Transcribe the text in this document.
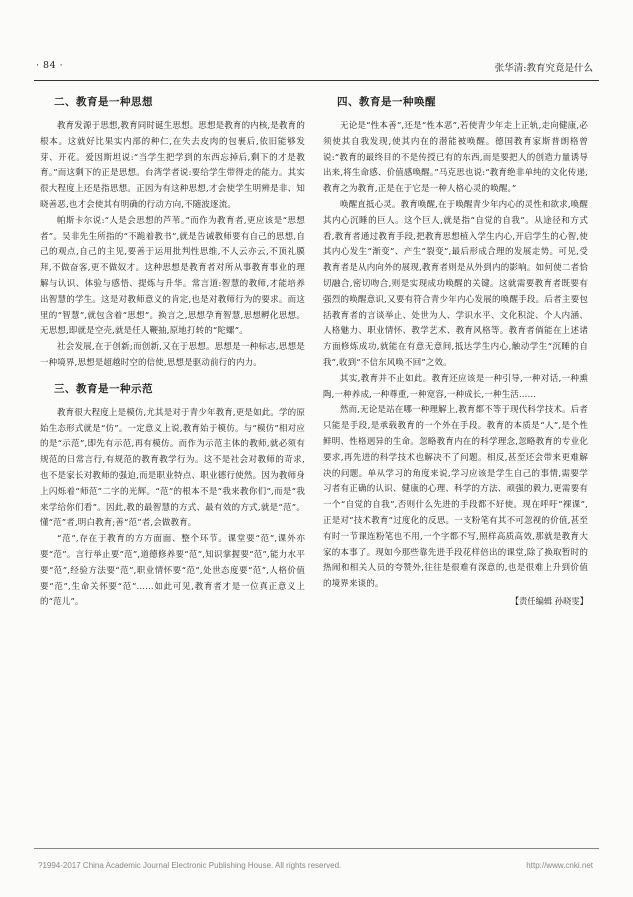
· 84 ·	张华清:教育究竟是什么
二、教育是一种思想

教育发源于思想,教育同时诞生思想。思想是教育的内核,是教育的根本。这就好比果实内部的种仁,在失去皮肉的包裹后,依旧能够发芽、开花。爱因斯坦说:“当学生把学到的东西忘掉后,剩下的才是教育。”而这剩下的正是思想。台湾学者说:要给学生带得走的能力。其实很大程度上还是指思想。正因为有这种思想,才会使学生明辨是非、知晓善恶,也才会使其有明确的行动方向,不随波逐流。

帕斯卡尔说:“人是会思想的芦苇。”而作为教育者,更应该是“思想者”。吴非先生所指的“不跪着教书”,就是告诫教师要有自己的思想,自己的观点,自己的主见,要善于运用批判性思维,不人云亦云,不顶礼膜拜,不做奋客,更不做奴才。这种思想是教育者对所从事教育事业的理解与认识、体验与感悟、提炼与升华。常言道:智慧的教师,才能培养出智慧的学生。这是对教师意义的肯定,也是对教师行为的要求。而这里的“智慧”,就包含着“思想”。换言之,思想孕育智慧,思想孵化思想。无思想,即就是空壳,就是任人鞭抽,原地打转的“陀螺”。

社会发展,在于创新;而创新,又在于思想。思想是一种标志,思想是一种境界,思想是超越时空的信使,思想是驱动前行的内力。

三、教育是一种示范

教育很大程度上是模仿,尤其是对于青少年教育,更是如此。学的原始生态形式就是“仿”。一定意义上说,教育始于模仿。与“模仿”相对应的是“示范”,即先有示范,再有模仿。而作为示范主体的教师,就必须有规范的日常言行,有规范的教育教学行为。这不是社会对教师的苛求,也不是家长对教师的强迫,而是职业特点、职业德行使然。因为教师身上闪烁着“师范”二字的光辉。“范”的根本不是“我来教你们”,而是“我来学给你们看”。因此,教的最智慧的方式、最有效的方式,就是“范”。懂“范”者,明白教育;善“范”者,会做教育。

“范”,存在于教育的方方面面、整个环节。课堂要“范”,课外亦要“范”。言行举止要“范”,道德修养要“范”,知识掌握要“范”,能力水平要“范”,经验方法要“范”,职业情怀要“范”,处世态度要“范”,人格价值要“范”,生命关怀要“范”……如此可见,教育者才是一位真正意义上的“范儿”。

四、教育是一种唤醒

无论是“性本善”,还是“性本恶”,若使青少年走上正轨,走向健康,必须使其自我发现,使其内在的潜能被唤醒。德国教育家斯普朗格曾说:“教育的最终目的不是传授已有的东西,而是要把人的创造力量诱导出来,将生命感、价值感唤醒。”马克思也说:“教育绝非单纯的文化传递,教育之为教育,正是在于它是一种人格心灵的唤醒。”

唤醒直抵心灵。教育唤醒,在于唤醒青少年内心的灵性和欲求,唤醒其内心沉睡的巨人。这个巨人,就是指“自觉的自我”。从途径和方式看,教育者通过教育手段,把教育思想植入学生内心,开启学生的心智,使其内心发生“渐变”、产生“裂变”,最后形成合理的发展走势。可见,受教育者是从内向外的展现,教育者则是从外到内的影响。如何使二者恰切融合,密切吻合,则是实现成功唤醒的关键。这就需要教育者既要有强烈的唤醒意识,又要有符合青少年内心发展的唤醒手段。后者主要包括教育者的言谈举止、处世为人、学识水平、文化积淀、个人内涵、人格魅力、职业情怀、教学艺术、教育风格等。教育者倘能在上述诸方面修炼成功,就能在有意无意间,抵达学生内心,触动学生“沉睡的自我”,收到“不信东风唤不回”之效。

其实,教育并不止如此。教育还应该是一种引导,一种对话,一种熏陶,一种养成,一种尊重,一种宽容,一种成长,一种生活……

然而,无论是站在哪一种理解上,教育都不等于现代科学技术。后者只能是手段,是承载教育的一个外在手段。教育的本质是“人”,是个性鲜明、性格迥异的生命。忽略教育内在的科学理念,忽略教育的专业化要求,再先进的科学技术也解决不了问题。相反,甚至还会带来更难解决的问题。单从学习的角度来说,学习应该是学生自己的事情,需要学习者有正确的认识、健康的心理、科学的方法、顽强的毅力,更需要有一个“自觉的自我”,否则什么先进的手段都不好使。现在呼吁“裸课”,正是对“技术教育”过度化的反思。一支粉笔有其不可忽视的价值,甚至有时一节课连粉笔也不用,一个字都不写,照样高质高效,那就是教育大家的本事了。现如今那些靠先进手段花样倍出的课堂,除了换取暂时的热闹和相关人员的夸赞外,往往是很难有深意的,也是很难上升到价值的境界来谈的。

【责任编辑 孙晓雯】
?1994-2017 China Academic Journal Electronic Publishing House. All rights reserved.	http://www.cnki.net
